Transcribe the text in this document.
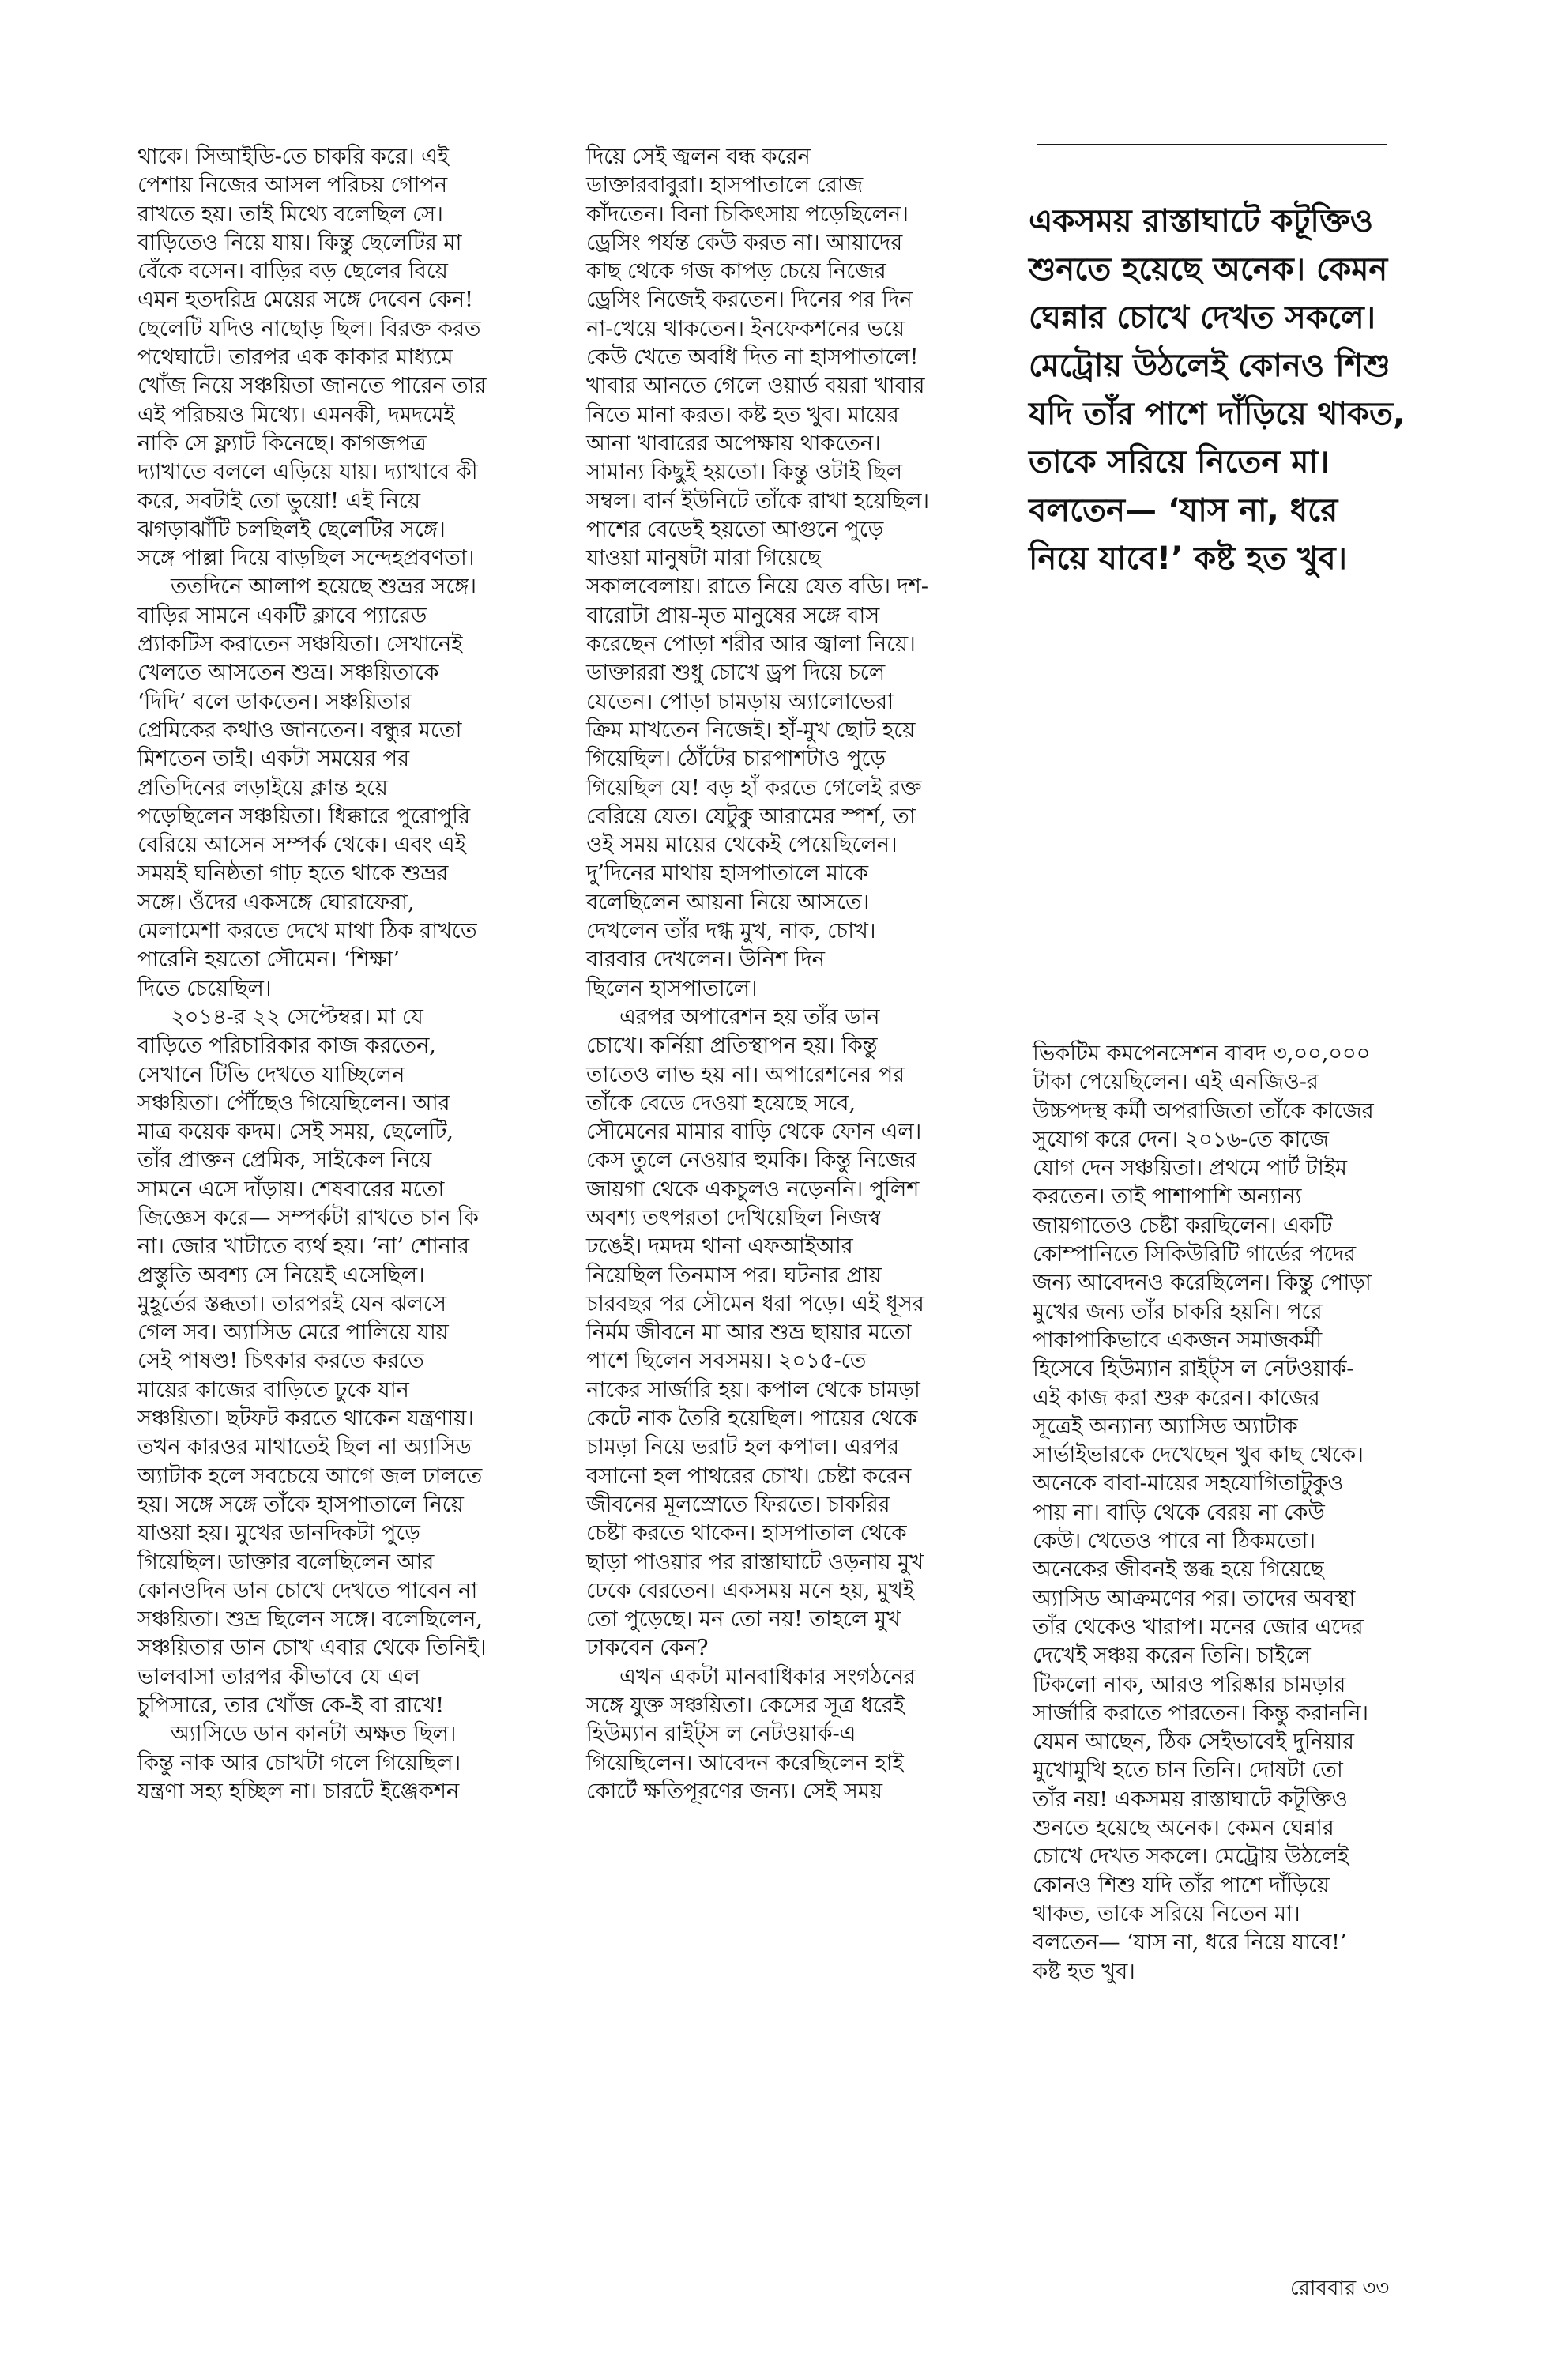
থাকে। সিআইডি-তে চাকরি করে। এই
পেশায় নিজের আসল পরিচয় গোপন
রাখতে হয়। তাই মিথ্যে বলেছিল সে।
বাড়িতেও নিয়ে যায়। কিন্তু ছেলেটির মা
বেঁকে বসেন। বাড়ির বড় ছেলের বিয়ে
এমন হতদরিদ্র মেয়ের সঙ্গে দেবেন কেন!
ছেলেটি যদিও নাছোড় ছিল। বিরক্ত করত
পথেঘাটে। তারপর এক কাকার মাধ্যমে
খোঁজ নিয়ে সঞ্চয়িতা জানতে পারেন তার
এই পরিচয়ও মিথ্যে। এমনকী, দমদমেই
নাকি সে ফ্ল্যাট কিনেছে। কাগজপত্র
দ্যাখাতে বললে এড়িয়ে যায়। দ্যাখাবে কী
করে, সবটাই তো ভুয়ো! এই নিয়ে
ঝগড়াঝাঁটি চলছিলই ছেলেটির সঙ্গে।
সঙ্গে পাল্লা দিয়ে বাড়ছিল সন্দেহপ্রবণতা।
ততদিনে আলাপ হয়েছে শুভ্রর সঙ্গে।
বাড়ির সামনে একটি ক্লাবে প্যারেড
প্র্যাকটিস করাতেন সঞ্চয়িতা। সেখানেই
খেলতে আসতেন শুভ্র। সঞ্চয়িতাকে
‘দিদি’ বলে ডাকতেন। সঞ্চয়িতার
প্রেমিকের কথাও জানতেন। বন্ধুর মতো
মিশতেন তাই। একটা সময়ের পর
প্রতিদিনের লড়াইয়ে ক্লান্ত হয়ে
পড়েছিলেন সঞ্চয়িতা। ধিক্কারে পুরোপুরি
বেরিয়ে আসেন সম্পর্ক থেকে। এবং এই
সময়ই ঘনিষ্ঠতা গাঢ় হতে থাকে শুভ্রর
সঙ্গে। ওঁদের একসঙ্গে ঘোরাফেরা,
মেলামেশা করতে দেখে মাথা ঠিক রাখতে
পারেনি হয়তো সৌমেন। ‘শিক্ষা’
দিতে চেয়েছিল।
২০১৪-র ২২ সেপ্টেম্বর। মা যে
বাড়িতে পরিচারিকার কাজ করতেন,
সেখানে টিভি দেখতে যাচ্ছিলেন
সঞ্চয়িতা। পৌঁছেও গিয়েছিলেন। আর
মাত্র কয়েক কদম। সেই সময়, ছেলেটি,
তাঁর প্রাক্তন প্রেমিক, সাইকেল নিয়ে
সামনে এসে দাঁড়ায়। শেষবারের মতো
জিজ্ঞেস করে— সম্পর্কটা রাখতে চান কি
না। জোর খাটাতে ব্যর্থ হয়। ‘না’ শোনার
প্রস্তুতি অবশ্য সে নিয়েই এসেছিল।
মুহূর্তের স্তব্ধতা। তারপরই যেন ঝলসে
গেল সব। অ্যাসিড মেরে পালিয়ে যায়
সেই পাষণ্ড! চিৎকার করতে করতে
মায়ের কাজের বাড়িতে ঢুকে যান
সঞ্চয়িতা। ছটফট করতে থাকেন যন্ত্রণায়।
তখন কারওর মাথাতেই ছিল না অ্যাসিড
অ্যাটাক হলে সবচেয়ে আগে জল ঢালতে
হয়। সঙ্গে সঙ্গে তাঁকে হাসপাতালে নিয়ে
যাওয়া হয়। মুখের ডানদিকটা পুড়ে
গিয়েছিল। ডাক্তার বলেছিলেন আর
কোনওদিন ডান চোখে দেখতে পাবেন না
সঞ্চয়িতা। শুভ্র ছিলেন সঙ্গে। বলেছিলেন,
সঞ্চয়িতার ডান চোখ এবার থেকে তিনিই।
ভালবাসা তারপর কীভাবে যে এল
চুপিসারে, তার খোঁজ কে-ই বা রাখে!
অ্যাসিডে ডান কানটা অক্ষত ছিল।
কিন্তু নাক আর চোখটা গলে গিয়েছিল।
যন্ত্রণা সহ্য হচ্ছিল না। চারটে ইঞ্জেকশন
দিয়ে সেই জ্বলন বন্ধ করেন
ডাক্তারবাবুরা। হাসপাতালে রোজ
কাঁদতেন। বিনা চিকিৎসায় পড়েছিলেন।
ড্রেসিং পর্যন্ত কেউ করত না। আয়াদের
কাছ থেকে গজ কাপড় চেয়ে নিজের
ড্রেসিং নিজেই করতেন। দিনের পর দিন
না-খেয়ে থাকতেন। ইনফেকশনের ভয়ে
কেউ খেতে অবধি দিত না হাসপাতালে!
খাবার আনতে গেলে ওয়ার্ড বয়রা খাবার
নিতে মানা করত। কষ্ট হত খুব। মায়ের
আনা খাবারের অপেক্ষায় থাকতেন।
সামান্য কিছুই হয়তো। কিন্তু ওটাই ছিল
সম্বল। বার্ন ইউনিটে তাঁকে রাখা হয়েছিল।
পাশের বেডেই হয়তো আগুনে পুড়ে
যাওয়া মানুষটা মারা গিয়েছে
সকালবেলায়। রাতে নিয়ে যেত বডি। দশ-
বারোটা প্রায়-মৃত মানুষের সঙ্গে বাস
করেছেন পোড়া শরীর আর জ্বালা নিয়ে।
ডাক্তাররা শুধু চোখে ড্রপ দিয়ে চলে
যেতেন। পোড়া চামড়ায় অ্যালোভেরা
ক্রিম মাখতেন নিজেই। হাঁ-মুখ ছোট হয়ে
গিয়েছিল। ঠোঁটের চারপাশটাও পুড়ে
গিয়েছিল যে! বড় হাঁ করতে গেলেই রক্ত
বেরিয়ে যেত। যেটুকু আরামের স্পর্শ, তা
ওই সময় মায়ের থেকেই পেয়েছিলেন।
দু’দিনের মাথায় হাসপাতালে মাকে
বলেছিলেন আয়না নিয়ে আসতে।
দেখলেন তাঁর দগ্ধ মুখ, নাক, চোখ।
বারবার দেখলেন। উনিশ দিন
ছিলেন হাসপাতালে।
এরপর অপারেশন হয় তাঁর ডান
চোখে। কর্নিয়া প্রতিস্থাপন হয়। কিন্তু
তাতেও লাভ হয় না। অপারেশনের পর
তাঁকে বেডে দেওয়া হয়েছে সবে,
সৌমেনের মামার বাড়ি থেকে ফোন এল।
কেস তুলে নেওয়ার হুমকি। কিন্তু নিজের
জায়গা থেকে একচুলও নড়েননি। পুলিশ
অবশ্য তৎপরতা দেখিয়েছিল নিজস্ব
ঢঙেই। দমদম থানা এফআইআর
নিয়েছিল তিনমাস পর। ঘটনার প্রায়
চারবছর পর সৌমেন ধরা পড়ে। এই ধূসর
নির্মম জীবনে মা আর শুভ্র ছায়ার মতো
পাশে ছিলেন সবসময়। ২০১৫-তে
নাকের সার্জারি হয়। কপাল থেকে চামড়া
কেটে নাক তৈরি হয়েছিল। পায়ের থেকে
চামড়া নিয়ে ভরাট হল কপাল। এরপর
বসানো হল পাথরের চোখ। চেষ্টা করেন
জীবনের মূলস্রোতে ফিরতে। চাকরির
চেষ্টা করতে থাকেন। হাসপাতাল থেকে
ছাড়া পাওয়ার পর রাস্তাঘাটে ওড়নায় মুখ
ঢেকে বেরতেন। একসময় মনে হয়, মুখই
তো পুড়েছে। মন তো নয়! তাহলে মুখ
ঢাকবেন কেন?
এখন একটা মানবাধিকার সংগঠনের
সঙ্গে যুক্ত সঞ্চয়িতা। কেসের সূত্র ধরেই
হিউম্যান রাইট্স ল নেটওয়ার্ক-এ
গিয়েছিলেন। আবেদন করেছিলেন হাই
কোর্টে ক্ষতিপূরণের জন্য। সেই সময়
একসময় রাস্তাঘাটে কটূক্তিও
শুনতে হয়েছে অনেক। কেমন
ঘেন্নার চোখে দেখত সকলে।
মেট্রোয় উঠলেই কোনও শিশু
যদি তাঁর পাশে দাঁড়িয়ে থাকত,
তাকে সরিয়ে নিতেন মা।
বলতেন— ‘যাস না, ধরে
নিয়ে যাবে!’ কষ্ট হত খুব।
ভিকটিম কমপেনসেশন বাবদ ৩,০০,০০০
টাকা পেয়েছিলেন। এই এনজিও-র
উচ্চপদস্থ কর্মী অপরাজিতা তাঁকে কাজের
সুযোগ করে দেন। ২০১৬-তে কাজে
যোগ দেন সঞ্চয়িতা। প্রথমে পার্ট টাইম
করতেন। তাই পাশাপাশি অন্যান্য
জায়গাতেও চেষ্টা করছিলেন। একটি
কোম্পানিতে সিকিউরিটি গার্ডের পদের
জন্য আবেদনও করেছিলেন। কিন্তু পোড়া
মুখের জন্য তাঁর চাকরি হয়নি। পরে
পাকাপাকিভাবে একজন সমাজকর্মী
হিসেবে হিউম্যান রাইট্স ল নেটওয়ার্ক-
এই কাজ করা শুরু করেন। কাজের
সূত্রেই অন্যান্য অ্যাসিড অ্যাটাক
সার্ভাইভারকে দেখেছেন খুব কাছ থেকে।
অনেকে বাবা-মায়ের সহযোগিতাটুকুও
পায় না। বাড়ি থেকে বেরয় না কেউ
কেউ। খেতেও পারে না ঠিকমতো।
অনেকের জীবনই স্তব্ধ হয়ে গিয়েছে
অ্যাসিড আক্রমণের পর। তাদের অবস্থা
তাঁর থেকেও খারাপ। মনের জোর এদের
দেখেই সঞ্চয় করেন তিনি। চাইলে
টিকলো নাক, আরও পরিষ্কার চামড়ার
সার্জারি করাতে পারতেন। কিন্তু করাননি।
যেমন আছেন, ঠিক সেইভাবেই দুনিয়ার
মুখোমুখি হতে চান তিনি। দোষটা তো
তাঁর নয়! একসময় রাস্তাঘাটে কটূক্তিও
শুনতে হয়েছে অনেক। কেমন ঘেন্নার
চোখে দেখত সকলে। মেট্রোয় উঠলেই
কোনও শিশু যদি তাঁর পাশে দাঁড়িয়ে
থাকত, তাকে সরিয়ে নিতেন মা।
বলতেন— ‘যাস না, ধরে নিয়ে যাবে!’
কষ্ট হত খুব।
রোববার ৩৩
